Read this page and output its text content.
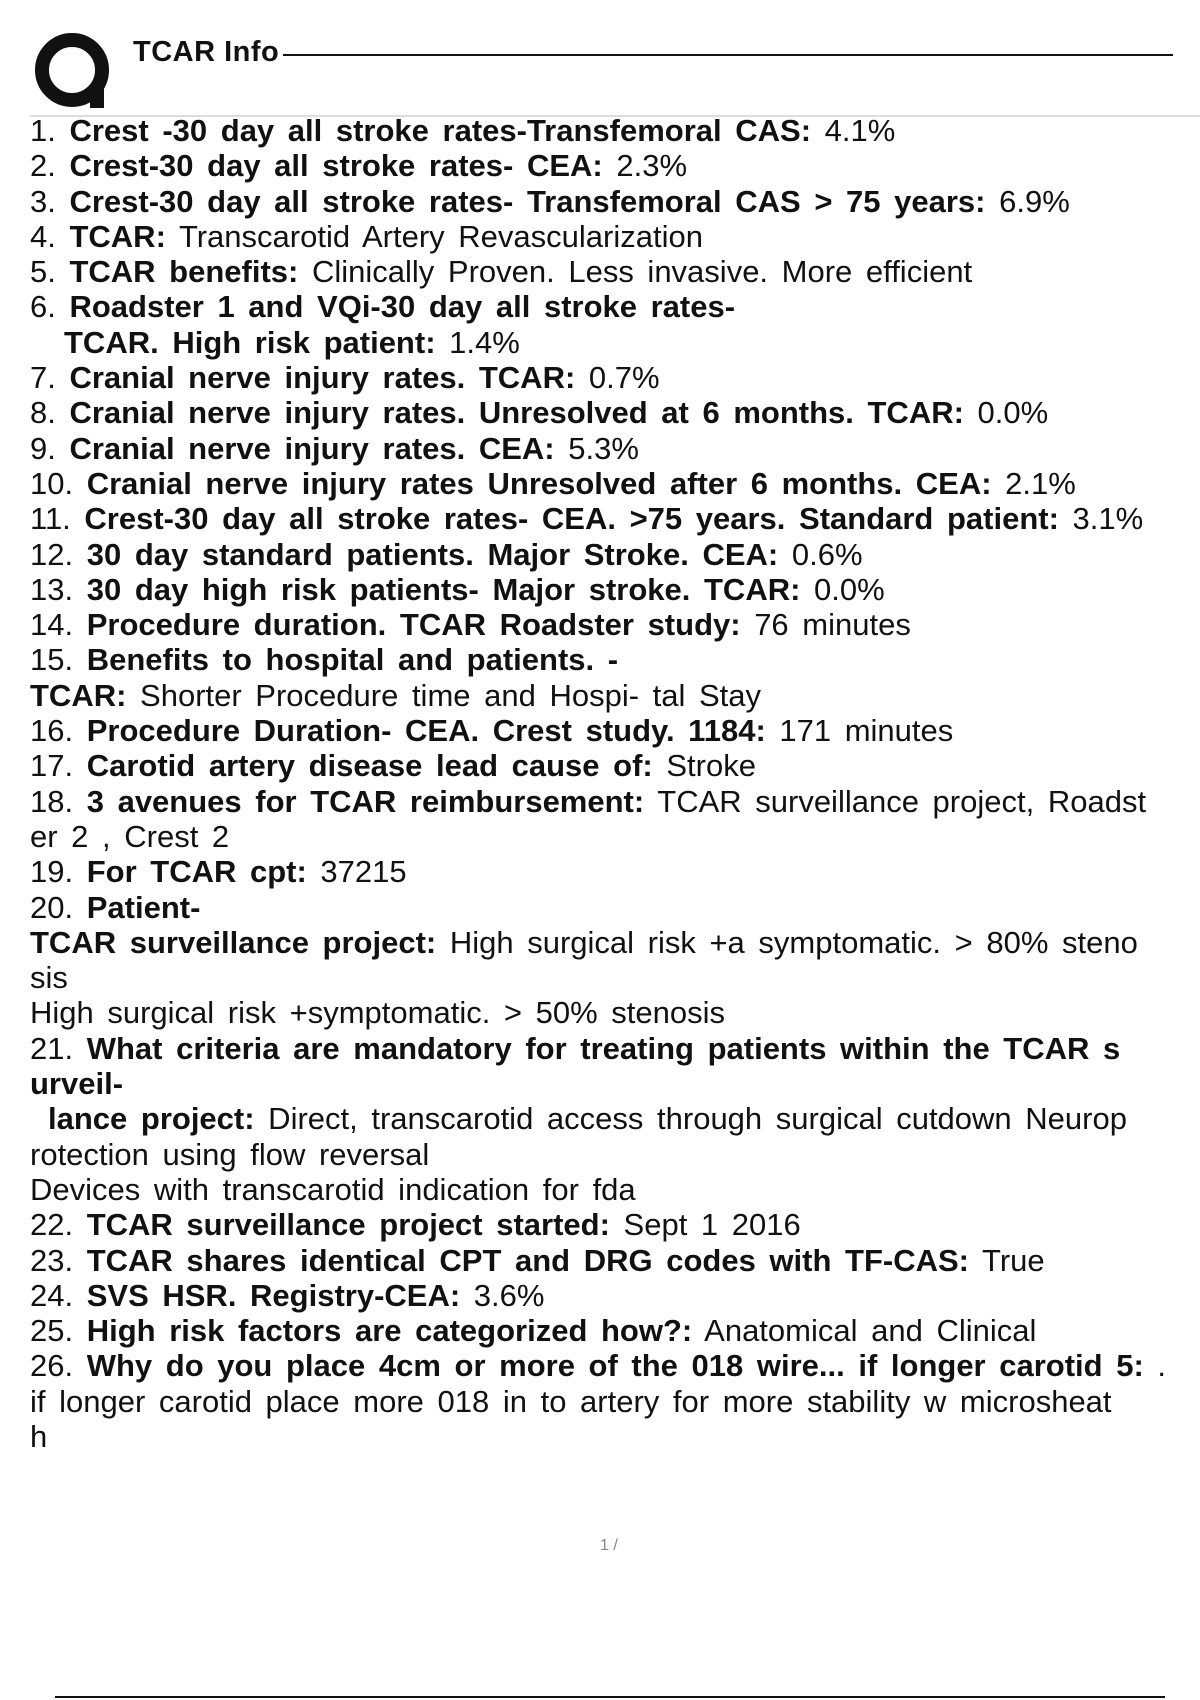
TCAR Info
1. Crest -30 day all stroke rates-Transfemoral CAS: 4.1%
2. Crest-30 day all stroke rates- CEA: 2.3%
3. Crest-30 day all stroke rates- Transfemoral CAS > 75 years: 6.9%
4. TCAR: Transcarotid Artery Revascularization
5. TCAR benefits: Clinically Proven. Less invasive. More efficient
6. Roadster 1 and VQi-30 day all stroke rates-
TCAR. High risk patient: 1.4%
7. Cranial nerve injury rates. TCAR: 0.7%
8. Cranial nerve injury rates. Unresolved at 6 months. TCAR: 0.0%
9. Cranial nerve injury rates. CEA: 5.3%
10. Cranial nerve injury rates Unresolved after 6 months. CEA: 2.1%
11. Crest-30 day all stroke rates- CEA. >75 years. Standard patient: 3.1%
12. 30 day standard patients. Major Stroke. CEA: 0.6%
13. 30 day high risk patients- Major stroke. TCAR: 0.0%
14. Procedure duration. TCAR Roadster study: 76 minutes
15. Benefits to hospital and patients. -
TCAR: Shorter Procedure time and Hospi- tal Stay
16. Procedure Duration- CEA. Crest study. 1184: 171 minutes
17. Carotid artery disease lead cause of: Stroke
18. 3 avenues for TCAR reimbursement: TCAR surveillance project, Roadst
er 2 , Crest 2
19. For TCAR cpt: 37215
20. Patient-
TCAR surveillance project: High surgical risk +a symptomatic. > 80% steno
sis
High surgical risk +symptomatic. > 50% stenosis
21. What criteria are mandatory for treating patients within the TCAR s
urveil-
lance project: Direct, transcarotid access through surgical cutdown Neurop
rotection using flow reversal
Devices with transcarotid indication for fda
22. TCAR surveillance project started: Sept 1 2016
23. TCAR shares identical CPT and DRG codes with TF-CAS: True
24. SVS HSR. Registry-CEA: 3.6%
25. High risk factors are categorized how?: Anatomical and Clinical
26. Why do you place 4cm or more of the 018 wire... if longer carotid 5: .
if longer carotid place more 018 in to artery for more stability w microsheat
h
1 /
